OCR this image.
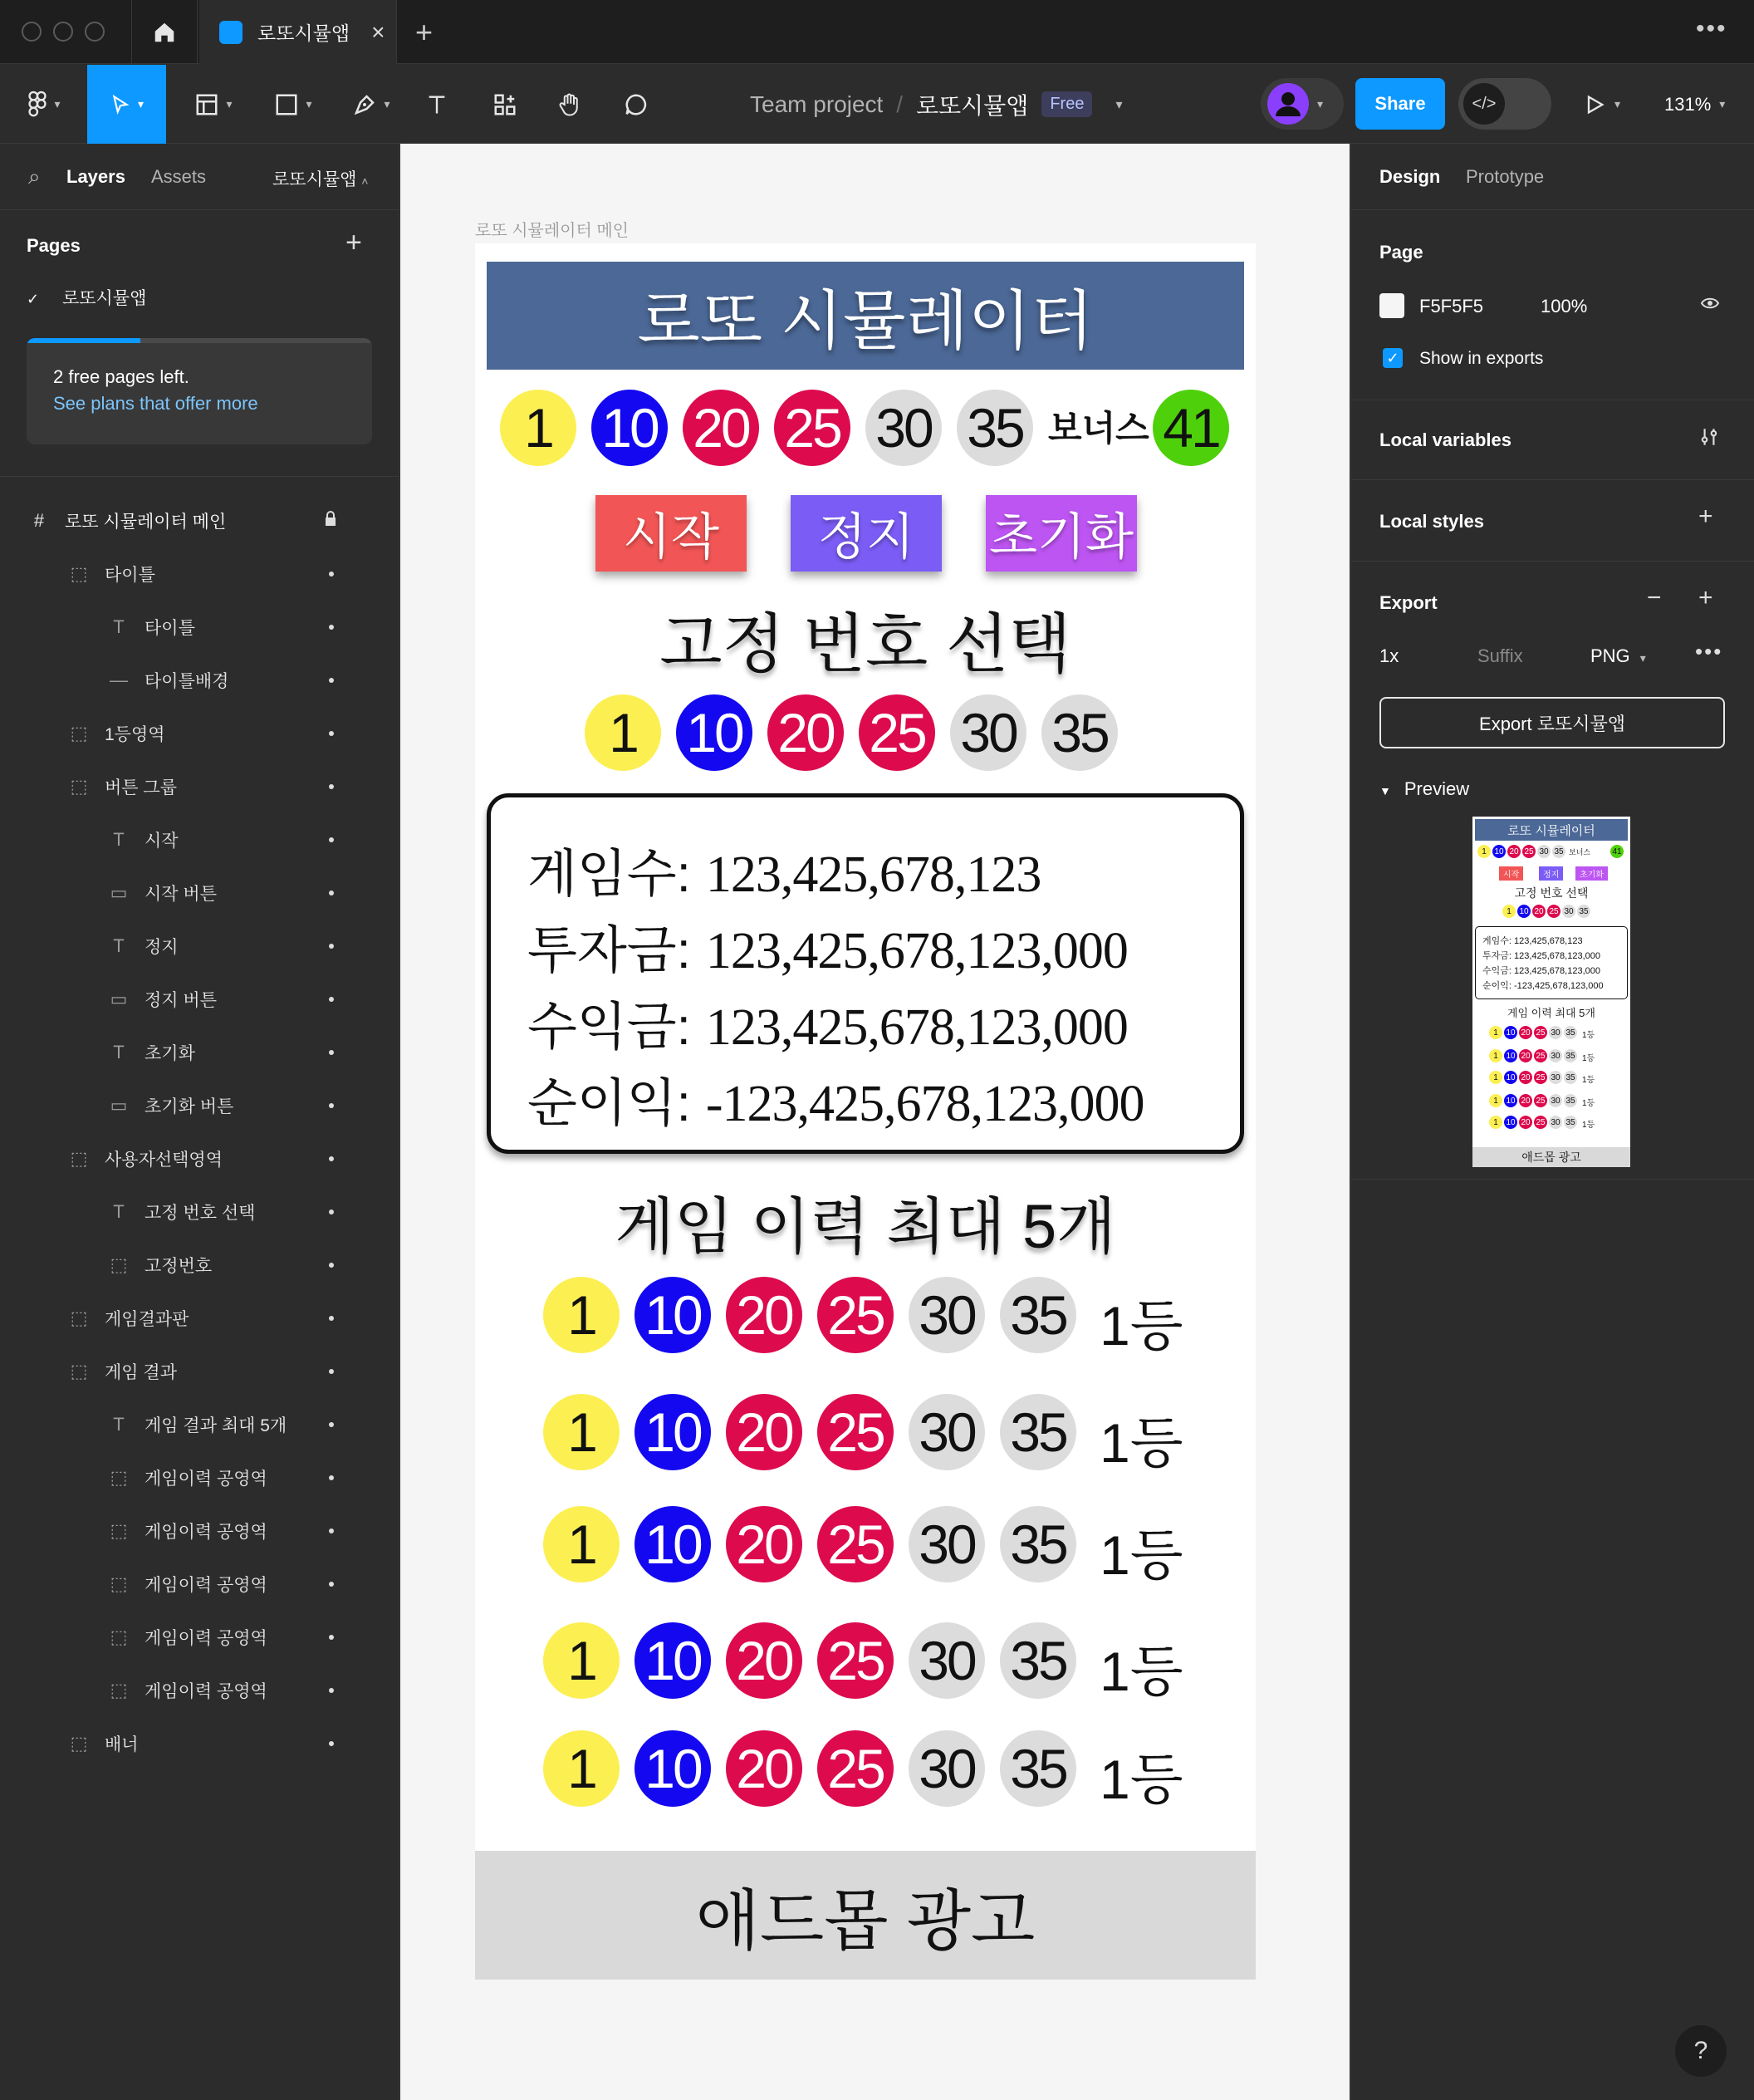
로또시뮬앱 × +	•••
▾	▾	▾	▾	▾	Team project / 로또시뮬앱	Free	▾	▾	Share	</>	▾ 131% ▾
⌕ Layers Assets	로또시뮬앱 ˄
Pages	+
✓ 로또시뮬앱
2 free pages left.
See plans that offer more
#	로또 시뮬레이터 메인
⬚ 타이틀
T	타이틀
— 타이틀배경
⬚ 1등영역
⬚ 버튼 그룹
T	시작
▭ 시작 버튼
T	정지
▭ 정지 버튼
T	초기화
▭ 초기화 버튼
⬚ 사용자선택영역
T	고정 번호 선택
⬚ 고정번호
⬚ 게임결과판
⬚ 게임 결과
T	게임 결과 최대 5개
⬚ 게임이력 공영역
⬚ 게임이력 공영역
⬚ 게임이력 공영역
⬚ 게임이력 공영역
⬚ 게임이력 공영역
⬚ 배너
로또 시뮬레이터 메인
로또 시뮬레이터
보너스
시작	정지	초기화
고정 번호 선택
게임수: 123,425,678,123
투자금: 123,425,678,123,000
수익금: 123,425,678,123,000
순이익: -123,425,678,123,000
게임 이력 최대 5개
애드몹 광고
1 10 20 25 30 35	41
1 10 20 25 30 35
1 10 20 25 30 35 1등
1 10 20 25 30 35 1등
1 10 20 25 30 35 1등
1 10 20 25 30 35 1등
1 10 20 25 30 35 1등
Design Prototype
Page
F5F5F5	100%
✓ Show in exports
Local variables
Local styles	+
Export	− +
1x	Suffix	PNG ▾ •••
Export 로또시뮬앱
▼ Preview
로또 시뮬레이터
보너스
시작	정지	초기화
고정 번호 선택
게임수: 123,425,678,123
투자금: 123,425,678,123,000
수익금: 123,425,678,123,000
순이익: -123,425,678,123,000
게임 이력 최대 5개
애드몹 광고
1 10 20 25 30 35	41
1 10 20 25 30 35
1 10 20 25 30 35 1등
1 10 20 25 30 35 1등
1 10 20 25 30 35 1등
1 10 20 25 30 35 1등
1 10 20 25 30 35 1등
?
